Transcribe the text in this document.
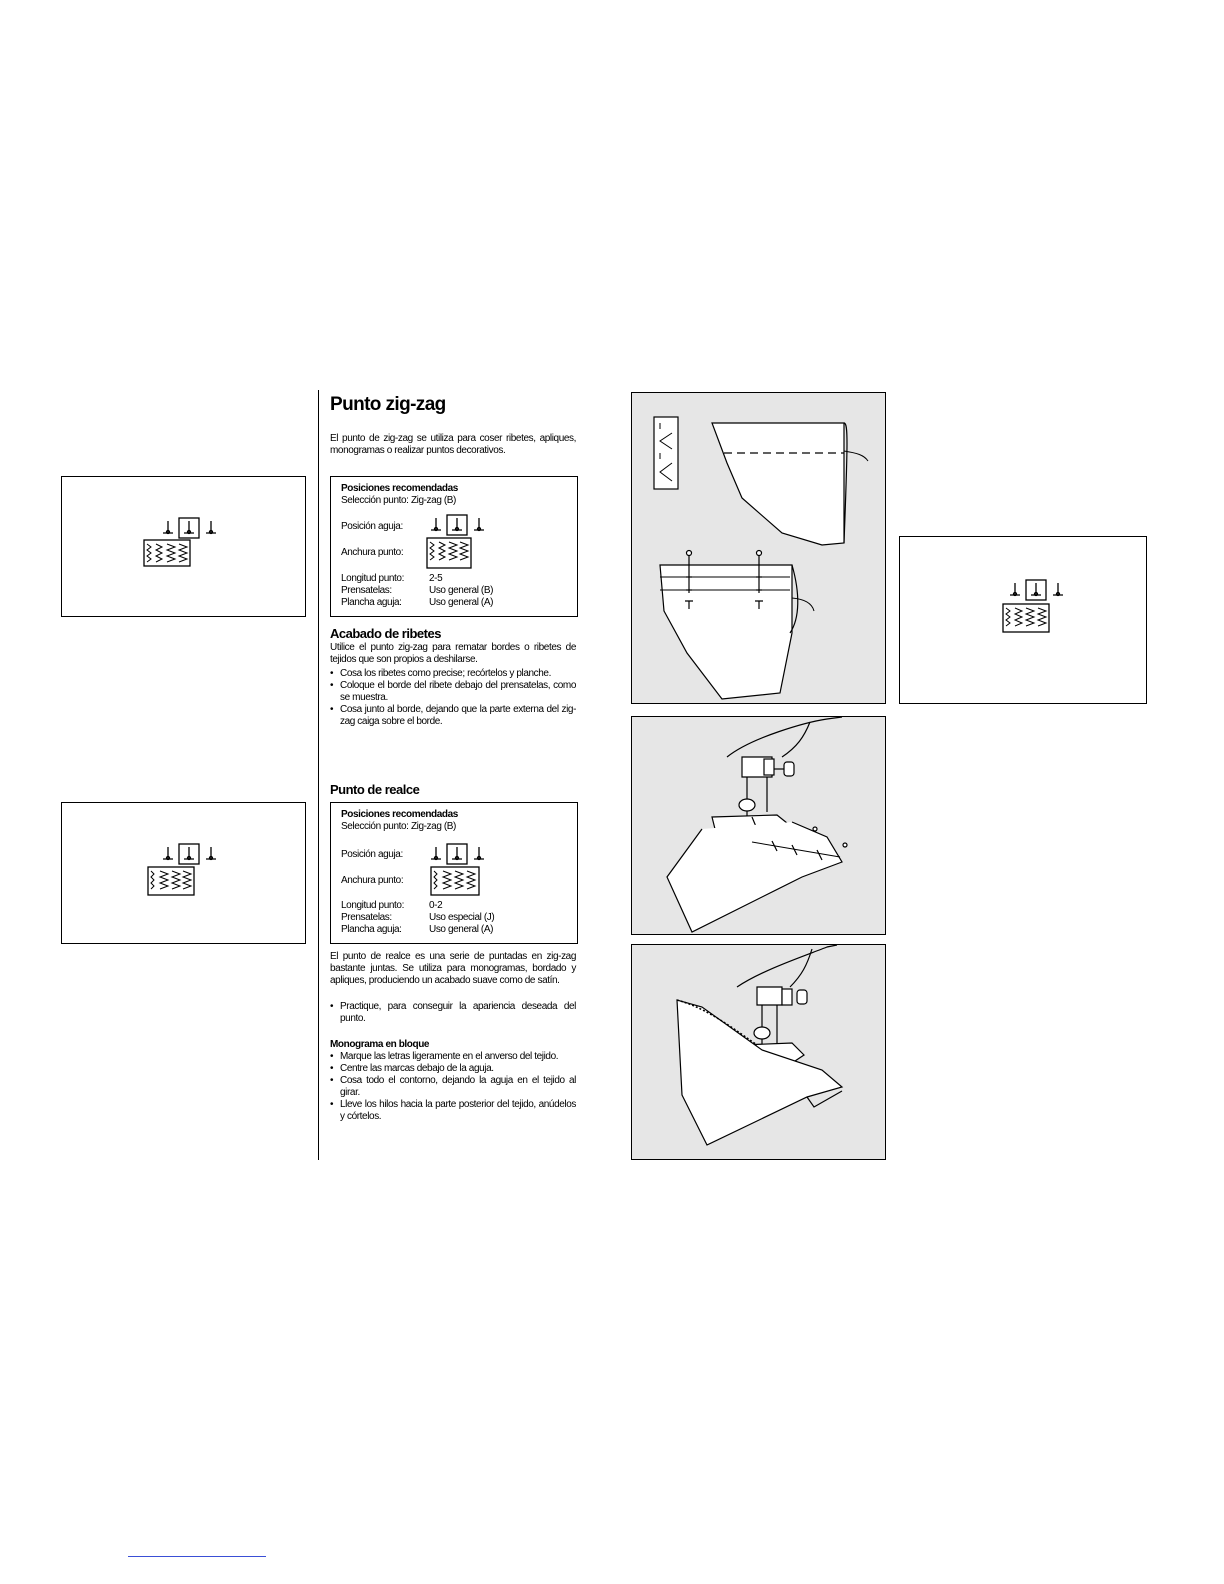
Punto zig-zag

El punto de zig-zag se utiliza para coser ribetes, apliques, monogramas o realizar puntos decorativos.

Posiciones recomendadas
Selección punto: Zig-zag (B)
Posición aguja:
Anchura punto:
Longitud punto:	2-5
Prensatelas:	Uso general (B)
Plancha aguja:	Uso general (A)
Acabado de ribetes

Utilice el punto zig-zag para rematar bordes o ribetes de tejidos que son propios a deshilarse.

• Cosa los ribetes como precise; recórtelos y planche.
• Coloque el borde del ribete debajo del prensatelas, como se muestra.
• Cosa junto al borde, dejando que la parte externa del zig-zag caiga sobre el borde.
Punto de realce
Posiciones recomendadas
Selección punto: Zig-zag (B)
Posición aguja:
Anchura punto:
Longitud punto:	0-2
Prensatelas:	Uso especial (J)
Plancha aguja:	Uso general (A)

El punto de realce es una serie de puntadas en zig-zag bastante juntas. Se utiliza para monogramas, bordado y apliques, produciendo un acabado suave como de satín.

• Practique, para conseguir la apariencia deseada del punto.
Monograma en bloque
• Marque las letras ligeramente en el anverso del tejido.
• Centre las marcas debajo de la aguja.
• Cosa todo el contorno, dejando la aguja en el tejido al girar.
• Lleve los hilos hacia la parte posterior del tejido, anúdelos y córtelos.
